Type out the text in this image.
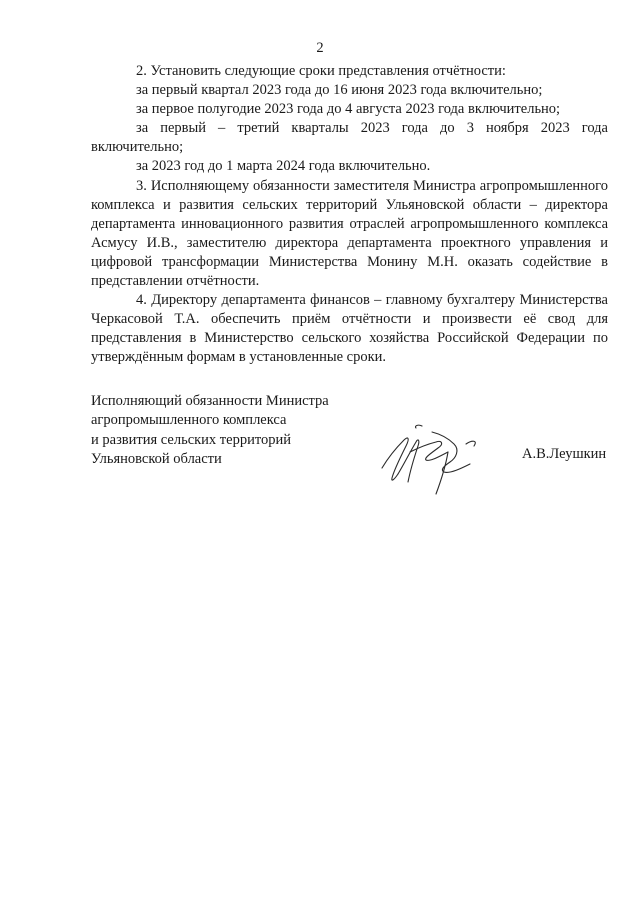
2

2. Установить следующие сроки представления отчётности:

за первый квартал 2023 года до 16 июня 2023 года включительно;

за первое полугодие 2023 года до 4 августа 2023 года включительно;

за первый – третий кварталы 2023 года до 3 ноября 2023 года включительно;

за 2023 год до 1 марта 2024 года включительно.

3. Исполняющему обязанности заместителя Министра агропромышленного комплекса и развития сельских территорий Ульяновской области – директора департамента инновационного развития отраслей агропромышленного комплекса Асмусу И.В., заместителю директора департамента проектного управления и цифровой трансформации Министерства Монину М.Н. оказать содействие в представлении отчётности.

4. Директору департамента финансов – главному бухгалтеру Министерства Черкасовой Т.А. обеспечить приём отчётности и произвести её свод для представления в Министерство сельского хозяйства Российской Федерации по утверждённым формам в установленные сроки.

Исполняющий обязанности Министра
агропромышленного комплекса
и развития сельских территорий
Ульяновской области	А.В.Леушкин
